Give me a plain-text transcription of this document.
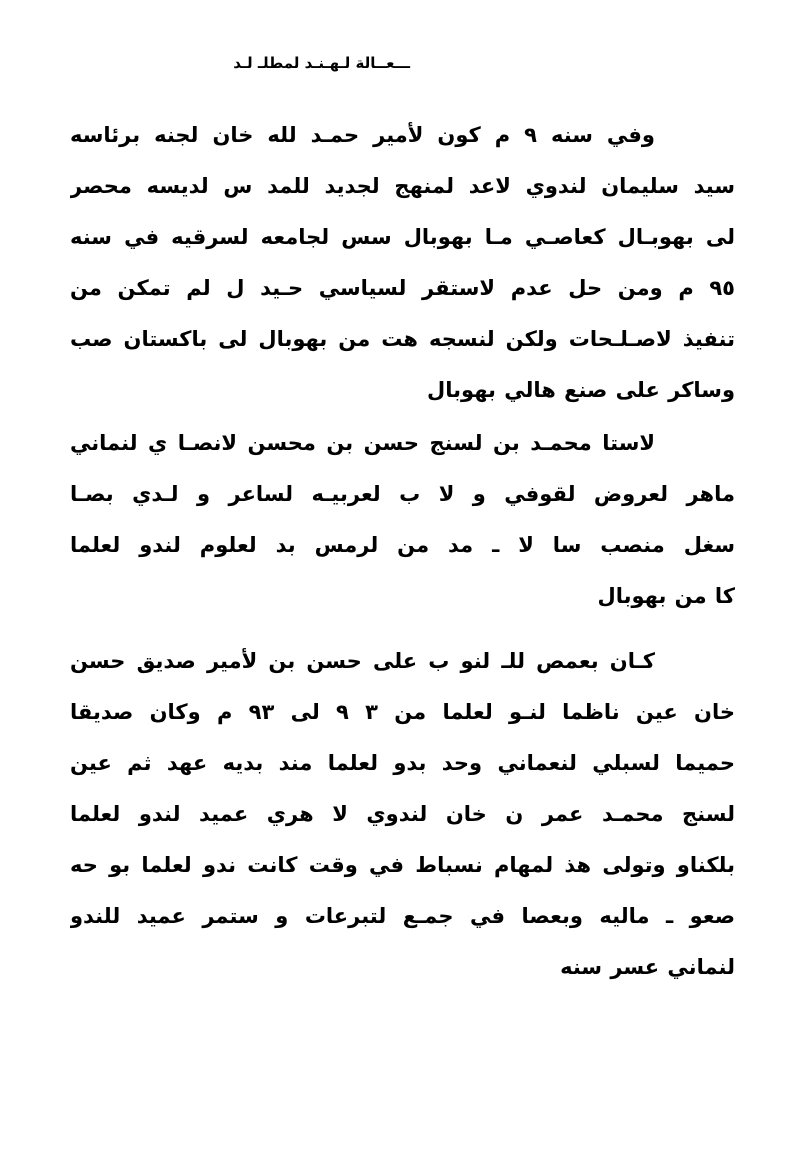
ـــعــالة لـهـنـد لمطلـ لـد
وفي سنه ٩ م كون لأمير حمـد لله خان لجنه برئاسه
سيد سليمان لندوي لاعد لمنهج لجديد للمد س لديسه محصر
لى بهوبـال كعاصـي مـا بهوبال سس لجامعه لسرقيه في سنه
٩٥ م ومن حل عدم لاستقر لسياسي حـيد ل لم تمكن من
تنفيذ لاصـلـحات ولكن لنسجه هت من بهوبال لى باكستان صب
وساكر على صنع هالي بهوبال
لاستا محمـد بن لسنج حسن بن محسن لانصـا ي لنماني
ماهر لعروض لقوفي و لا ب لعربيـه لساعر و لـدي بصـا
سغل منصب سا لا ـ مد من لرمس بد لعلوم لندو لعلما
كا من بهوبال
كـان بعمص للـ لنو ب على حسن بن لأمير صديق حسن
خان عين ناظما لنـو لعلما من ٣ ٩ لى ٩٣ م وكان صديقا
حميما لسبلي لنعماني وحد بدو لعلما مند بديه عهد ثم عين
لسنج محمـد عمر ن خان لندوي لا هري عميد لندو لعلما
بلكناو وتولى هذ لمهام نسباط في وقت كانت ندو لعلما بو حه
صعو ـ ماليه وبعصا في جمـع لتبرعات و ستمر عميد للندو
لنماني عسر سنه
